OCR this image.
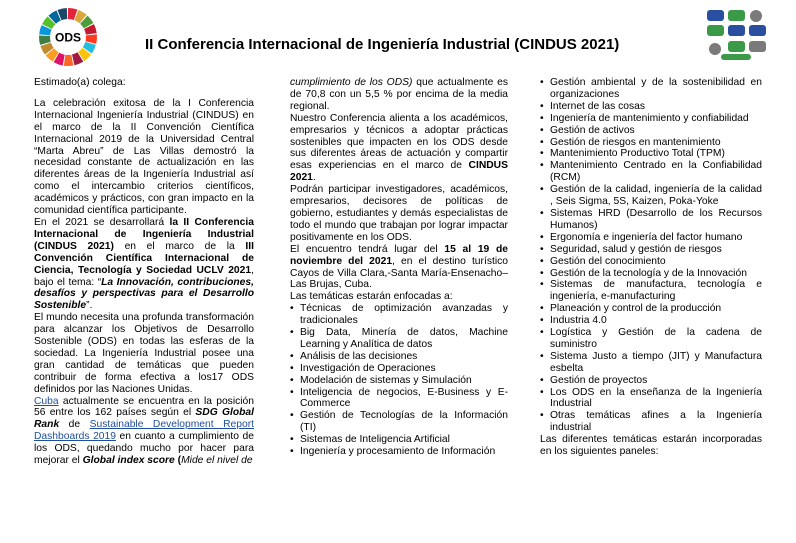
ODS	II Conferencia Internacional de Ingeniería Industrial (CINDUS 2021)

Estimado(a) colega:

La celebración exitosa de la I Conferencia Internacional Ingeniería Industrial (CINDUS) en el marco de la II Convención Científica Internacional 2019 de la Universidad Central “Marta Abreu” de Las Villas demostró la necesidad constante de actualización en las diferentes áreas de la Ingeniería Industrial así como el intercambio criterios científicos, académicos y prácticos, con gran impacto en la comunidad científica participante.

En el 2021 se desarrollará la II Conferencia Internacional de Ingeniería Industrial (CINDUS 2021) en el marco de la III Convención Científica Internacional de Ciencia, Tecnología y Sociedad UCLV 2021, bajo el tema: “La Innovación, contribuciones, desafíos y perspectivas para el Desarrollo Sostenible”.

El mundo necesita una profunda transformación para alcanzar los Objetivos de Desarrollo Sostenible (ODS) en todas las esferas de la sociedad. La Ingeniería Industrial posee una gran cantidad de temáticas que pueden contribuir de forma efectiva a los17 ODS definidos por las Naciones Unidas.

Cuba actualmente se encuentra en la posición 56 entre los 162 países según el SDG Global Rank de Sustainable Development Report Dashboards 2019 en cuanto a cumplimiento de los ODS, quedando mucho por hacer para mejorar el Global index score (Mide el nivel de

cumplimiento de los ODS) que actualmente es de 70,8 con un 5,5 % por encima de la media regional.

Nuestro Conferencia alienta a los académicos, empresarios y técnicos a adoptar prácticas sostenibles que impacten en los ODS desde sus diferentes áreas de actuación y compartir esas experiencias en el marco de CINDUS 2021.

Podrán participar investigadores, académicos, empresarios, decisores de políticas de gobierno, estudiantes y demás especialistas de todo el mundo que trabajan por lograr impactar positivamente en los ODS.

El encuentro tendrá lugar del 15 al 19 de noviembre del 2021, en el destino turístico Cayos de Villa Clara,-Santa María-Ensenacho–Las Brujas, Cuba.

Las temáticas estarán enfocadas a:

• Técnicas de optimización avanzadas y tradicionales
• Big Data, Minería de datos, Machine Learning y Analítica de datos
• Análisis de las decisiones
• Investigación de Operaciones
• Modelación de sistemas y Simulación
• Inteligencia de negocios, E-Business y E-Commerce
• Gestión de Tecnologías de la Información (TI)
• Sistemas de Inteligencia Artificial
• Ingeniería y procesamiento de Información
• Gestión ambiental y de la sostenibilidad en organizaciones
• Internet de las cosas
• Ingeniería de mantenimiento y confiabilidad
• Gestión de activos
• Gestión de riesgos en mantenimiento
• Mantenimiento Productivo Total (TPM)
• Mantenimiento Centrado en la Confiabilidad (RCM)
• Gestión de la calidad, ingeniería de la calidad , Seis Sigma, 5S, Kaizen, Poka-Yoke
• Sistemas HRD (Desarrollo de los Recursos Humanos)
• Ergonomía e ingeniería del factor humano
• Seguridad, salud y gestión de riesgos
• Gestión del conocimiento
• Gestión de la tecnología y de la Innovación
• Sistemas de manufactura, tecnología e ingeniería, e-manufacturing
• Planeación y control de la producción
• Industria 4.0
• Logística y Gestión de la cadena de suministro
• Sistema Justo a tiempo (JIT) y Manufactura esbelta
• Gestión de proyectos
• Los ODS en la enseñanza de la Ingeniería Industrial
• Otras temáticas afines a la Ingeniería industrial

Las diferentes temáticas estarán incorporadas en los siguientes paneles:
